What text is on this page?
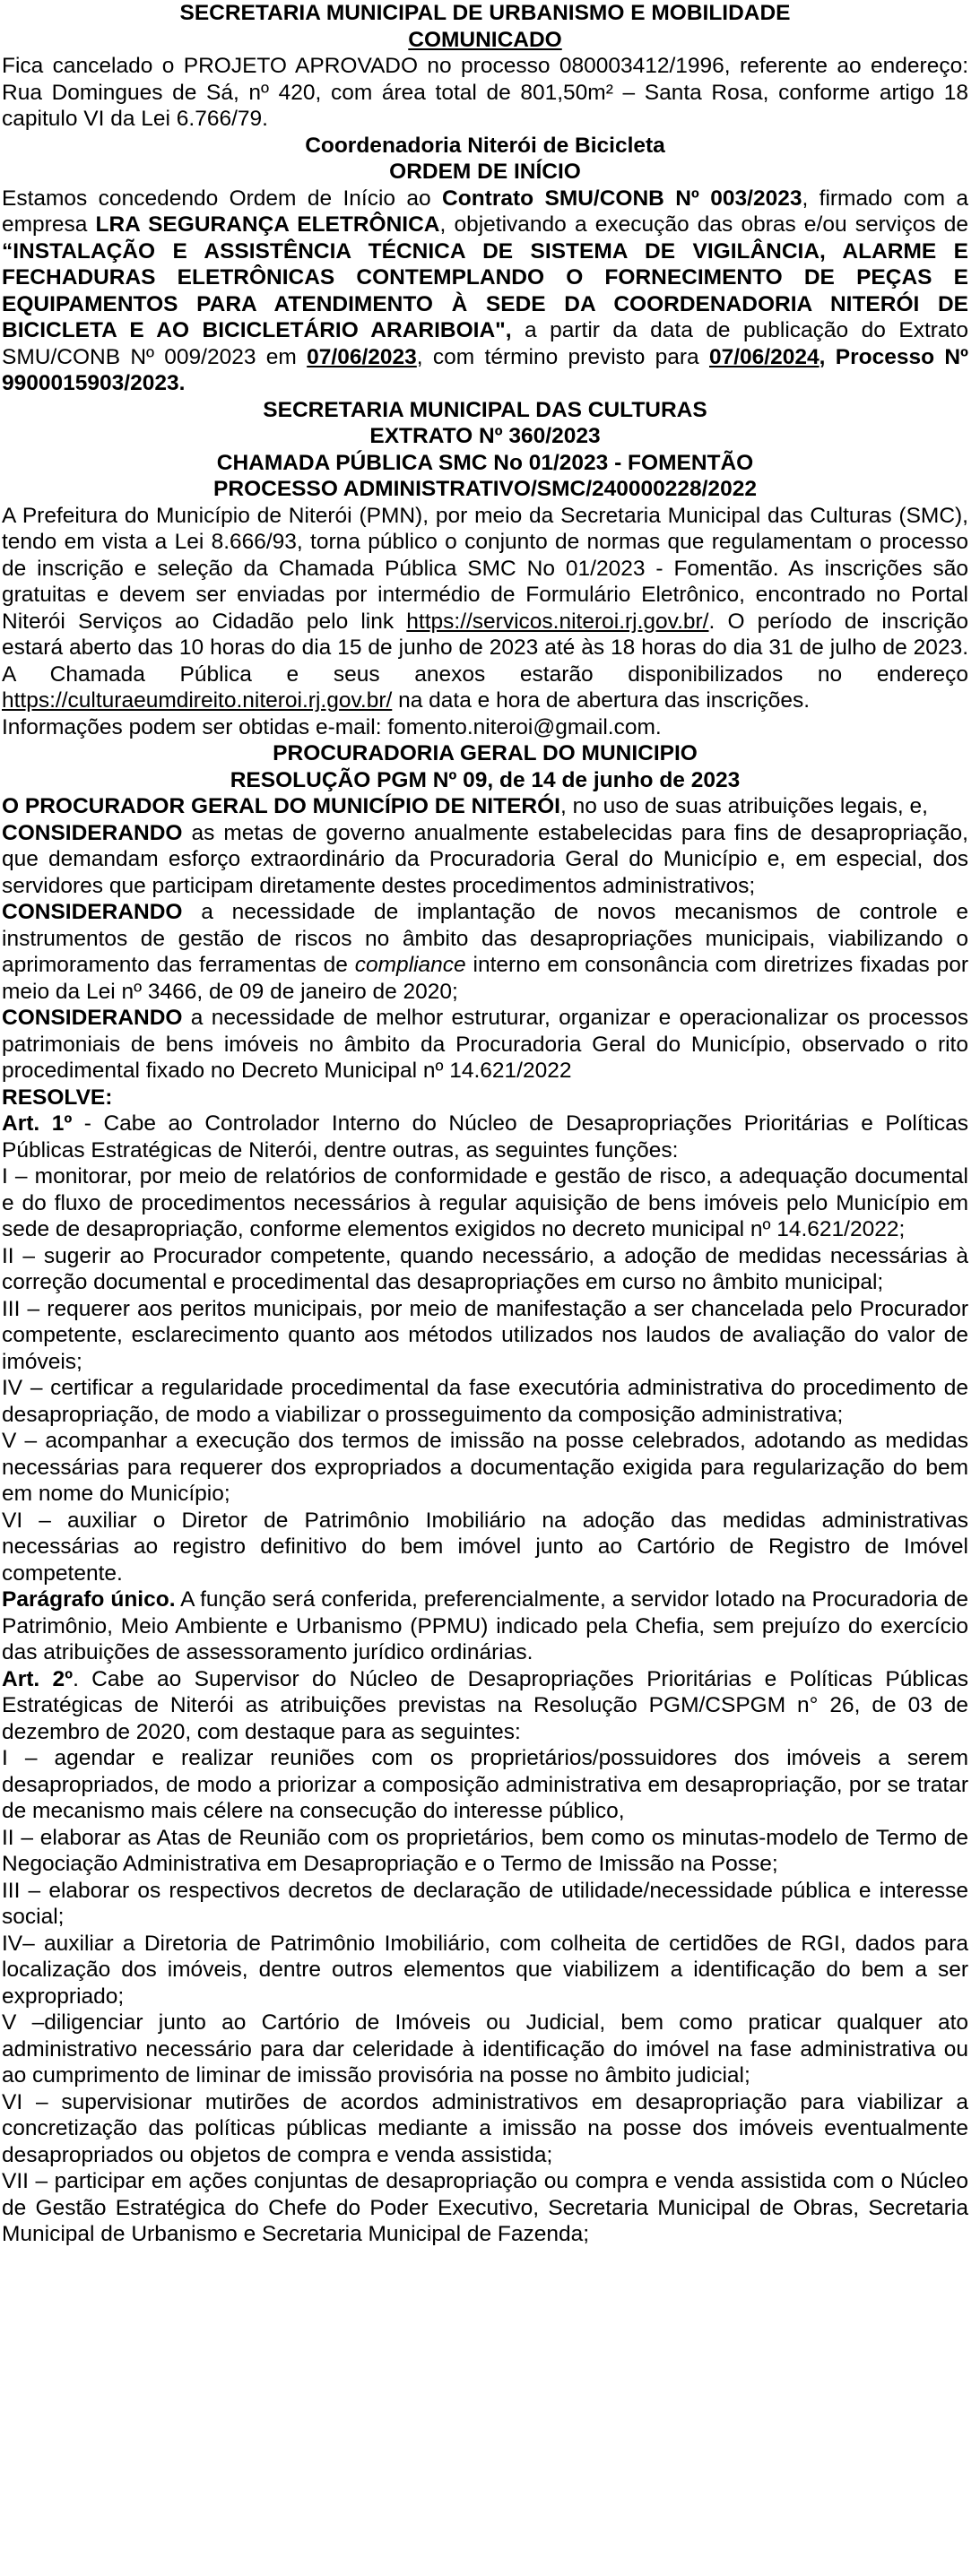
SECRETARIA MUNICIPAL DE URBANISMO E MOBILIDADE

COMUNICADO

Fica cancelado o PROJETO APROVADO no processo 080003412/1996, referente ao endereço: Rua Domingues de Sá, nº 420, com área total de 801,50m² – Santa Rosa, conforme artigo 18 capitulo VI da Lei 6.766/79.

Coordenadoria Niterói de Bicicleta

ORDEM DE INÍCIO

Estamos concedendo Ordem de Início ao Contrato SMU/CONB Nº 003/2023, firmado com a empresa LRA SEGURANÇA ELETRÔNICA, objetivando a execução das obras e/ou serviços de “INSTALAÇÃO E ASSISTÊNCIA TÉCNICA DE SISTEMA DE VIGILÂNCIA, ALARME E FECHADURAS ELETRÔNICAS CONTEMPLANDO O FORNECIMENTO DE PEÇAS E EQUIPAMENTOS PARA ATENDIMENTO À SEDE DA COORDENADORIA NITERÓI DE BICICLETA E AO BICICLETÁRIO ARARIBOIA", a partir da data de publicação do Extrato SMU/CONB Nº 009/2023 em 07/06/2023, com término previsto para 07/06/2024, Processo Nº 9900015903/2023.

SECRETARIA MUNICIPAL DAS CULTURAS

EXTRATO Nº 360/2023

CHAMADA PÚBLICA SMC No 01/2023 - FOMENTÃO

PROCESSO ADMINISTRATIVO/SMC/240000228/2022

A Prefeitura do Município de Niterói (PMN), por meio da Secretaria Municipal das Culturas (SMC), tendo em vista a Lei 8.666/93, torna público o conjunto de normas que regulamentam o processo de inscrição e seleção da Chamada Pública SMC No 01/2023 - Fomentão. As inscrições são gratuitas e devem ser enviadas por intermédio de Formulário Eletrônico, encontrado no Portal Niterói Serviços ao Cidadão pelo link https://servicos.niteroi.rj.gov.br/. O período de inscrição estará aberto das 10 horas do dia 15 de junho de 2023 até às 18 horas do dia 31 de julho de 2023. A Chamada Pública e seus anexos estarão disponibilizados no endereço https://culturaeumdireito.niteroi.rj.gov.br/ na data e hora de abertura das inscrições.

Informações podem ser obtidas e-mail: fomento.niteroi@gmail.com.

PROCURADORIA GERAL DO MUNICIPIO

RESOLUÇÃO PGM Nº 09, de 14 de junho de 2023

O PROCURADOR GERAL DO MUNICÍPIO DE NITERÓI, no uso de suas atribuições legais, e,

CONSIDERANDO as metas de governo anualmente estabelecidas para fins de desapropriação, que demandam esforço extraordinário da Procuradoria Geral do Município e, em especial, dos servidores que participam diretamente destes procedimentos administrativos;

CONSIDERANDO a necessidade de implantação de novos mecanismos de controle e instrumentos de gestão de riscos no âmbito das desapropriações municipais, viabilizando o aprimoramento das ferramentas de compliance interno em consonância com diretrizes fixadas por meio da Lei nº 3466, de 09 de janeiro de 2020;

CONSIDERANDO a necessidade de melhor estruturar, organizar e operacionalizar os processos patrimoniais de bens imóveis no âmbito da Procuradoria Geral do Município, observado o rito procedimental fixado no Decreto Municipal nº 14.621/2022

RESOLVE:

Art. 1º - Cabe ao Controlador Interno do Núcleo de Desapropriações Prioritárias e Políticas Públicas Estratégicas de Niterói, dentre outras, as seguintes funções:

I – monitorar, por meio de relatórios de conformidade e gestão de risco, a adequação documental e do fluxo de procedimentos necessários à regular aquisição de bens imóveis pelo Município em sede de desapropriação, conforme elementos exigidos no decreto municipal nº 14.621/2022;

II – sugerir ao Procurador competente, quando necessário, a adoção de medidas necessárias à correção documental e procedimental das desapropriações em curso no âmbito municipal;

III – requerer aos peritos municipais, por meio de manifestação a ser chancelada pelo Procurador competente, esclarecimento quanto aos métodos utilizados nos laudos de avaliação do valor de imóveis;

IV – certificar a regularidade procedimental da fase executória administrativa do procedimento de desapropriação, de modo a viabilizar o prosseguimento da composição administrativa;

V – acompanhar a execução dos termos de imissão na posse celebrados, adotando as medidas necessárias para requerer dos expropriados a documentação exigida para regularização do bem em nome do Município;

VI – auxiliar o Diretor de Patrimônio Imobiliário na adoção das medidas administrativas necessárias ao registro definitivo do bem imóvel junto ao Cartório de Registro de Imóvel competente.

Parágrafo único. A função será conferida, preferencialmente, a servidor lotado na Procuradoria de Patrimônio, Meio Ambiente e Urbanismo (PPMU) indicado pela Chefia, sem prejuízo do exercício das atribuições de assessoramento jurídico ordinárias.

Art. 2º. Cabe ao Supervisor do Núcleo de Desapropriações Prioritárias e Políticas Públicas Estratégicas de Niterói as atribuições previstas na Resolução PGM/CSPGM n° 26, de 03 de dezembro de 2020, com destaque para as seguintes:

I – agendar e realizar reuniões com os proprietários/possuidores dos imóveis a serem desapropriados, de modo a priorizar a composição administrativa em desapropriação, por se tratar de mecanismo mais célere na consecução do interesse público,

II – elaborar as Atas de Reunião com os proprietários, bem como os minutas-modelo de Termo de Negociação Administrativa em Desapropriação e o Termo de Imissão na Posse;

III – elaborar os respectivos decretos de declaração de utilidade/necessidade pública e interesse social;

IV– auxiliar a Diretoria de Patrimônio Imobiliário, com colheita de certidões de RGI, dados para localização dos imóveis, dentre outros elementos que viabilizem a identificação do bem a ser expropriado;

V –diligenciar junto ao Cartório de Imóveis ou Judicial, bem como praticar qualquer ato administrativo necessário para dar celeridade à identificação do imóvel na fase administrativa ou ao cumprimento de liminar de imissão provisória na posse no âmbito judicial;

VI – supervisionar mutirões de acordos administrativos em desapropriação para viabilizar a concretização das políticas públicas mediante a imissão na posse dos imóveis eventualmente desapropriados ou objetos de compra e venda assistida;

VII – participar em ações conjuntas de desapropriação ou compra e venda assistida com o Núcleo de Gestão Estratégica do Chefe do Poder Executivo, Secretaria Municipal de Obras, Secretaria Municipal de Urbanismo e Secretaria Municipal de Fazenda;
